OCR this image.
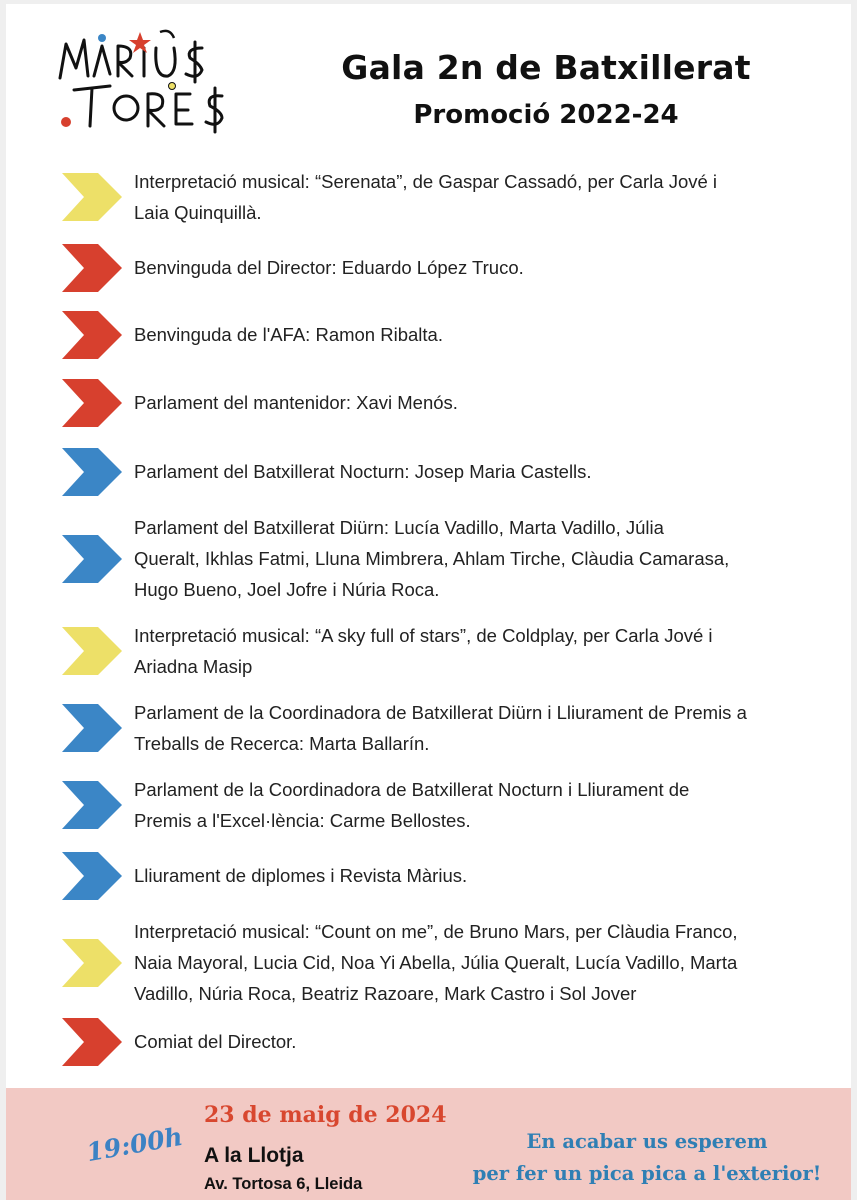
Gala 2n de Batxillerat
Promoció 2022-24
Interpretació musical: “Serenata”, de Gaspar Cassadó, per Carla Jové i
Laia Quinquillà.
Benvinguda del Director: Eduardo López Truco.
Benvinguda de l'AFA: Ramon Ribalta.
Parlament del mantenidor: Xavi Menós.
Parlament del Batxillerat Nocturn: Josep Maria Castells.
Parlament del Batxillerat Diürn: Lucía Vadillo, Marta Vadillo, Júlia
Queralt, Ikhlas Fatmi, Lluna Mimbrera, Ahlam Tirche, Clàudia Camarasa,
Hugo Bueno, Joel Jofre i Núria Roca.
Interpretació musical: “A sky full of stars”, de Coldplay, per Carla Jové i
Ariadna Masip
Parlament de la Coordinadora de Batxillerat Diürn i Lliurament de Premis a
Treballs de Recerca: Marta Ballarín.
Parlament de la Coordinadora de Batxillerat Nocturn i Lliurament de
Premis a l'Excel·lència: Carme Bellostes.
Lliurament de diplomes i Revista Màrius.
Interpretació musical: “Count on me”, de Bruno Mars, per Clàudia Franco,
Naia Mayoral, Lucia Cid, Noa Yi Abella, Júlia Queralt, Lucía Vadillo, Marta
Vadillo, Núria Roca, Beatriz Razoare, Mark Castro i Sol Jover
Comiat del Director.
23 de maig de 2024
19:00h A la Llotja
Av. Tortosa 6, Lleida
En acabar us esperem
per fer un pica pica a l'exterior!
